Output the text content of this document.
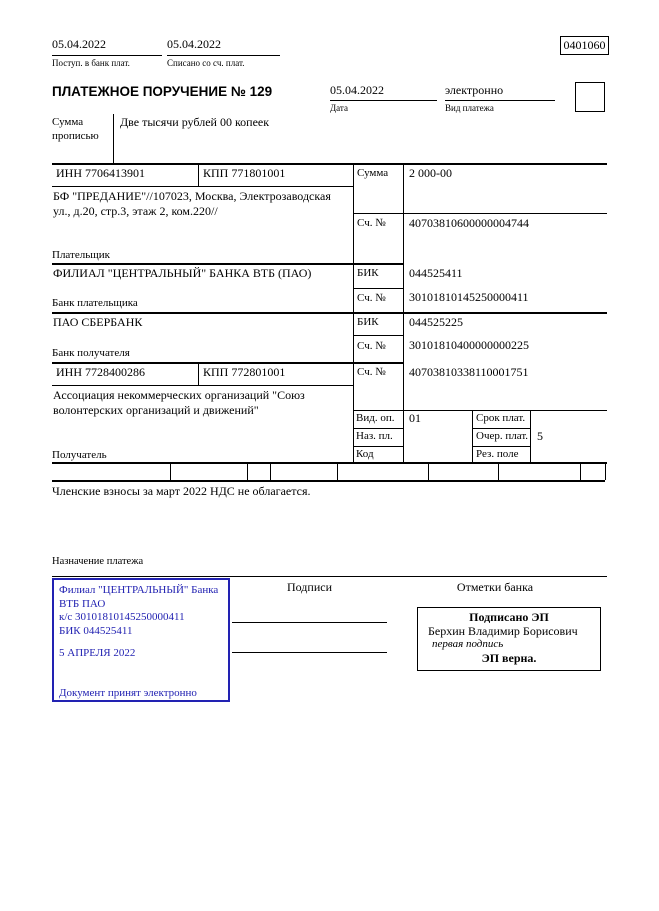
05.04.2022
Поступ. в банк плат.
05.04.2022
Списано со сч. плат.
0401060
ПЛАТЕЖНОЕ ПОРУЧЕНИЕ № 129	05.04.2022
Дата
электронно
Вид платежа
Сумма
прописью
Две тысячи рублей 00 копеек
ИНН 7706413901	КПП 771801001	Сумма 2 000-00
БФ "ПРЕДАНИЕ"//107023, Москва, Электрозаводская ул., д.20, стр.3, этаж 2, ком.220//
Сч. № 40703810600000004744
Плательщик
ФИЛИАЛ "ЦЕНТРАЛЬНЫЙ" БАНКА ВТБ (ПАО)	БИК	044525411
Сч. № 30101810145250000411
Банк плательщика
ПАО СБЕРБАНК	БИК	044525225
Сч. № 30101810400000000225
Банк получателя
ИНН 7728400286	КПП 772801001	Сч. № 40703810338110001751
Ассоциация некоммерческих организаций "Союз волонтерских организаций и движений"
Получатель
Вид. оп. 01	Срок плат.
Наз. пл.	Очер. плат. 5
Код	Рез. поле
Членские взносы за март 2022 НДС не облагается.
Назначение платежа
Подписи	Отметки банка
Филиал "ЦЕНТРАЛЬНЫЙ" Банка
ВТБ ПАО
к/с 30101810145250000411
БИК 044525411
5 АПРЕЛЯ 2022
Документ принят электронно
Подписано ЭП
Берхин Владимир Борисович
первая подпись
ЭП верна.
